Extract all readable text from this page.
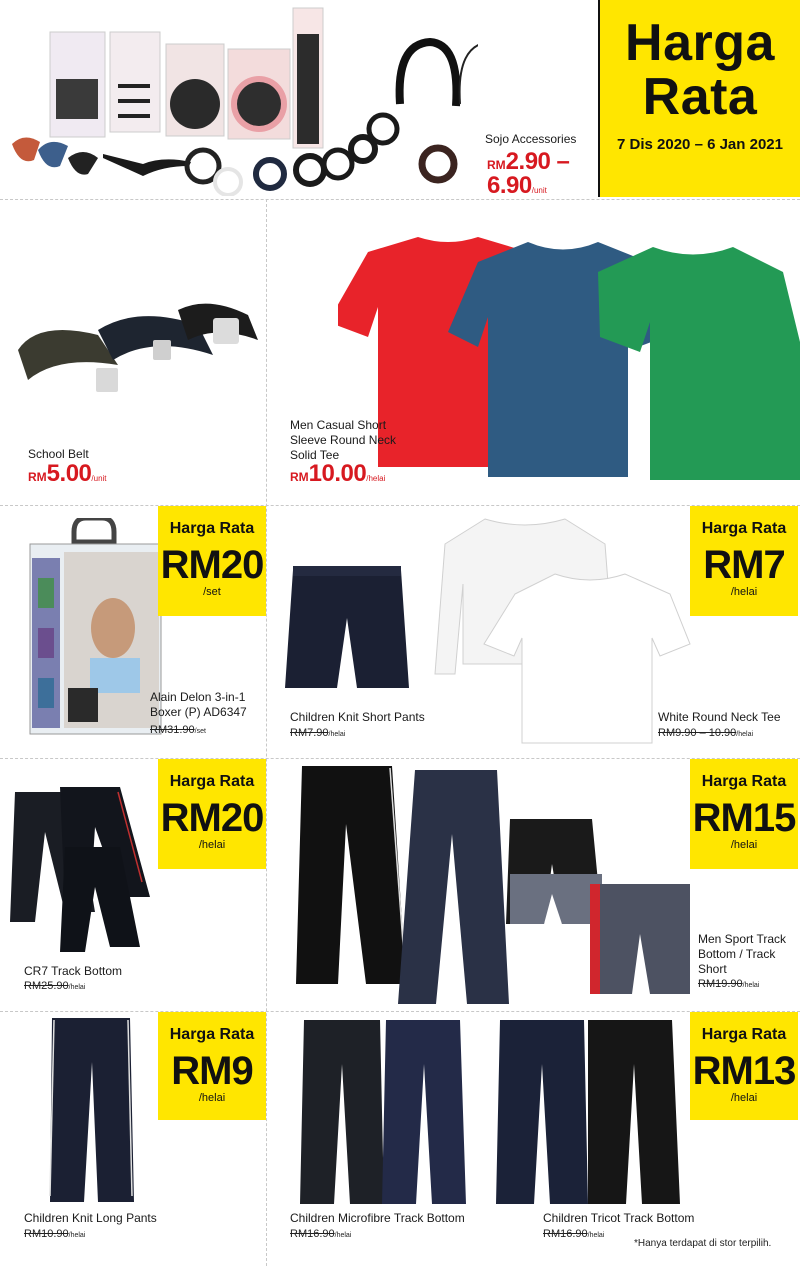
Sojo Accessories
RM2.90 –
6.90/unit
Harga
Rata
7 Dis 2020 – 6 Jan 2021
School Belt
RM5.00/unit
Men Casual Short Sleeve Round Neck Solid Tee
RM10.00/helai
Alain Delon 3-in-1 Boxer (P) AD6347
RM31.90/set
Harga Rata
RM20
/set
Children Knit Short Pants
RM7.90/helai
White Round Neck Tee
RM9.90 – 10.90/helai
Harga Rata
RM7
/helai
CR7 Track Bottom
RM25.90/helai
Harga Rata
RM20
/helai
Men Sport Track Bottom / Track Short
RM19.90/helai
Harga Rata
RM15
/helai
Children Knit Long Pants
RM10.90/helai
Harga Rata
RM9
/helai
Children Microfibre Track Bottom
RM16.90/helai
Children Tricot Track Bottom
RM16.90/helai
Harga Rata
RM13
/helai
*Hanya terdapat di stor terpilih.
